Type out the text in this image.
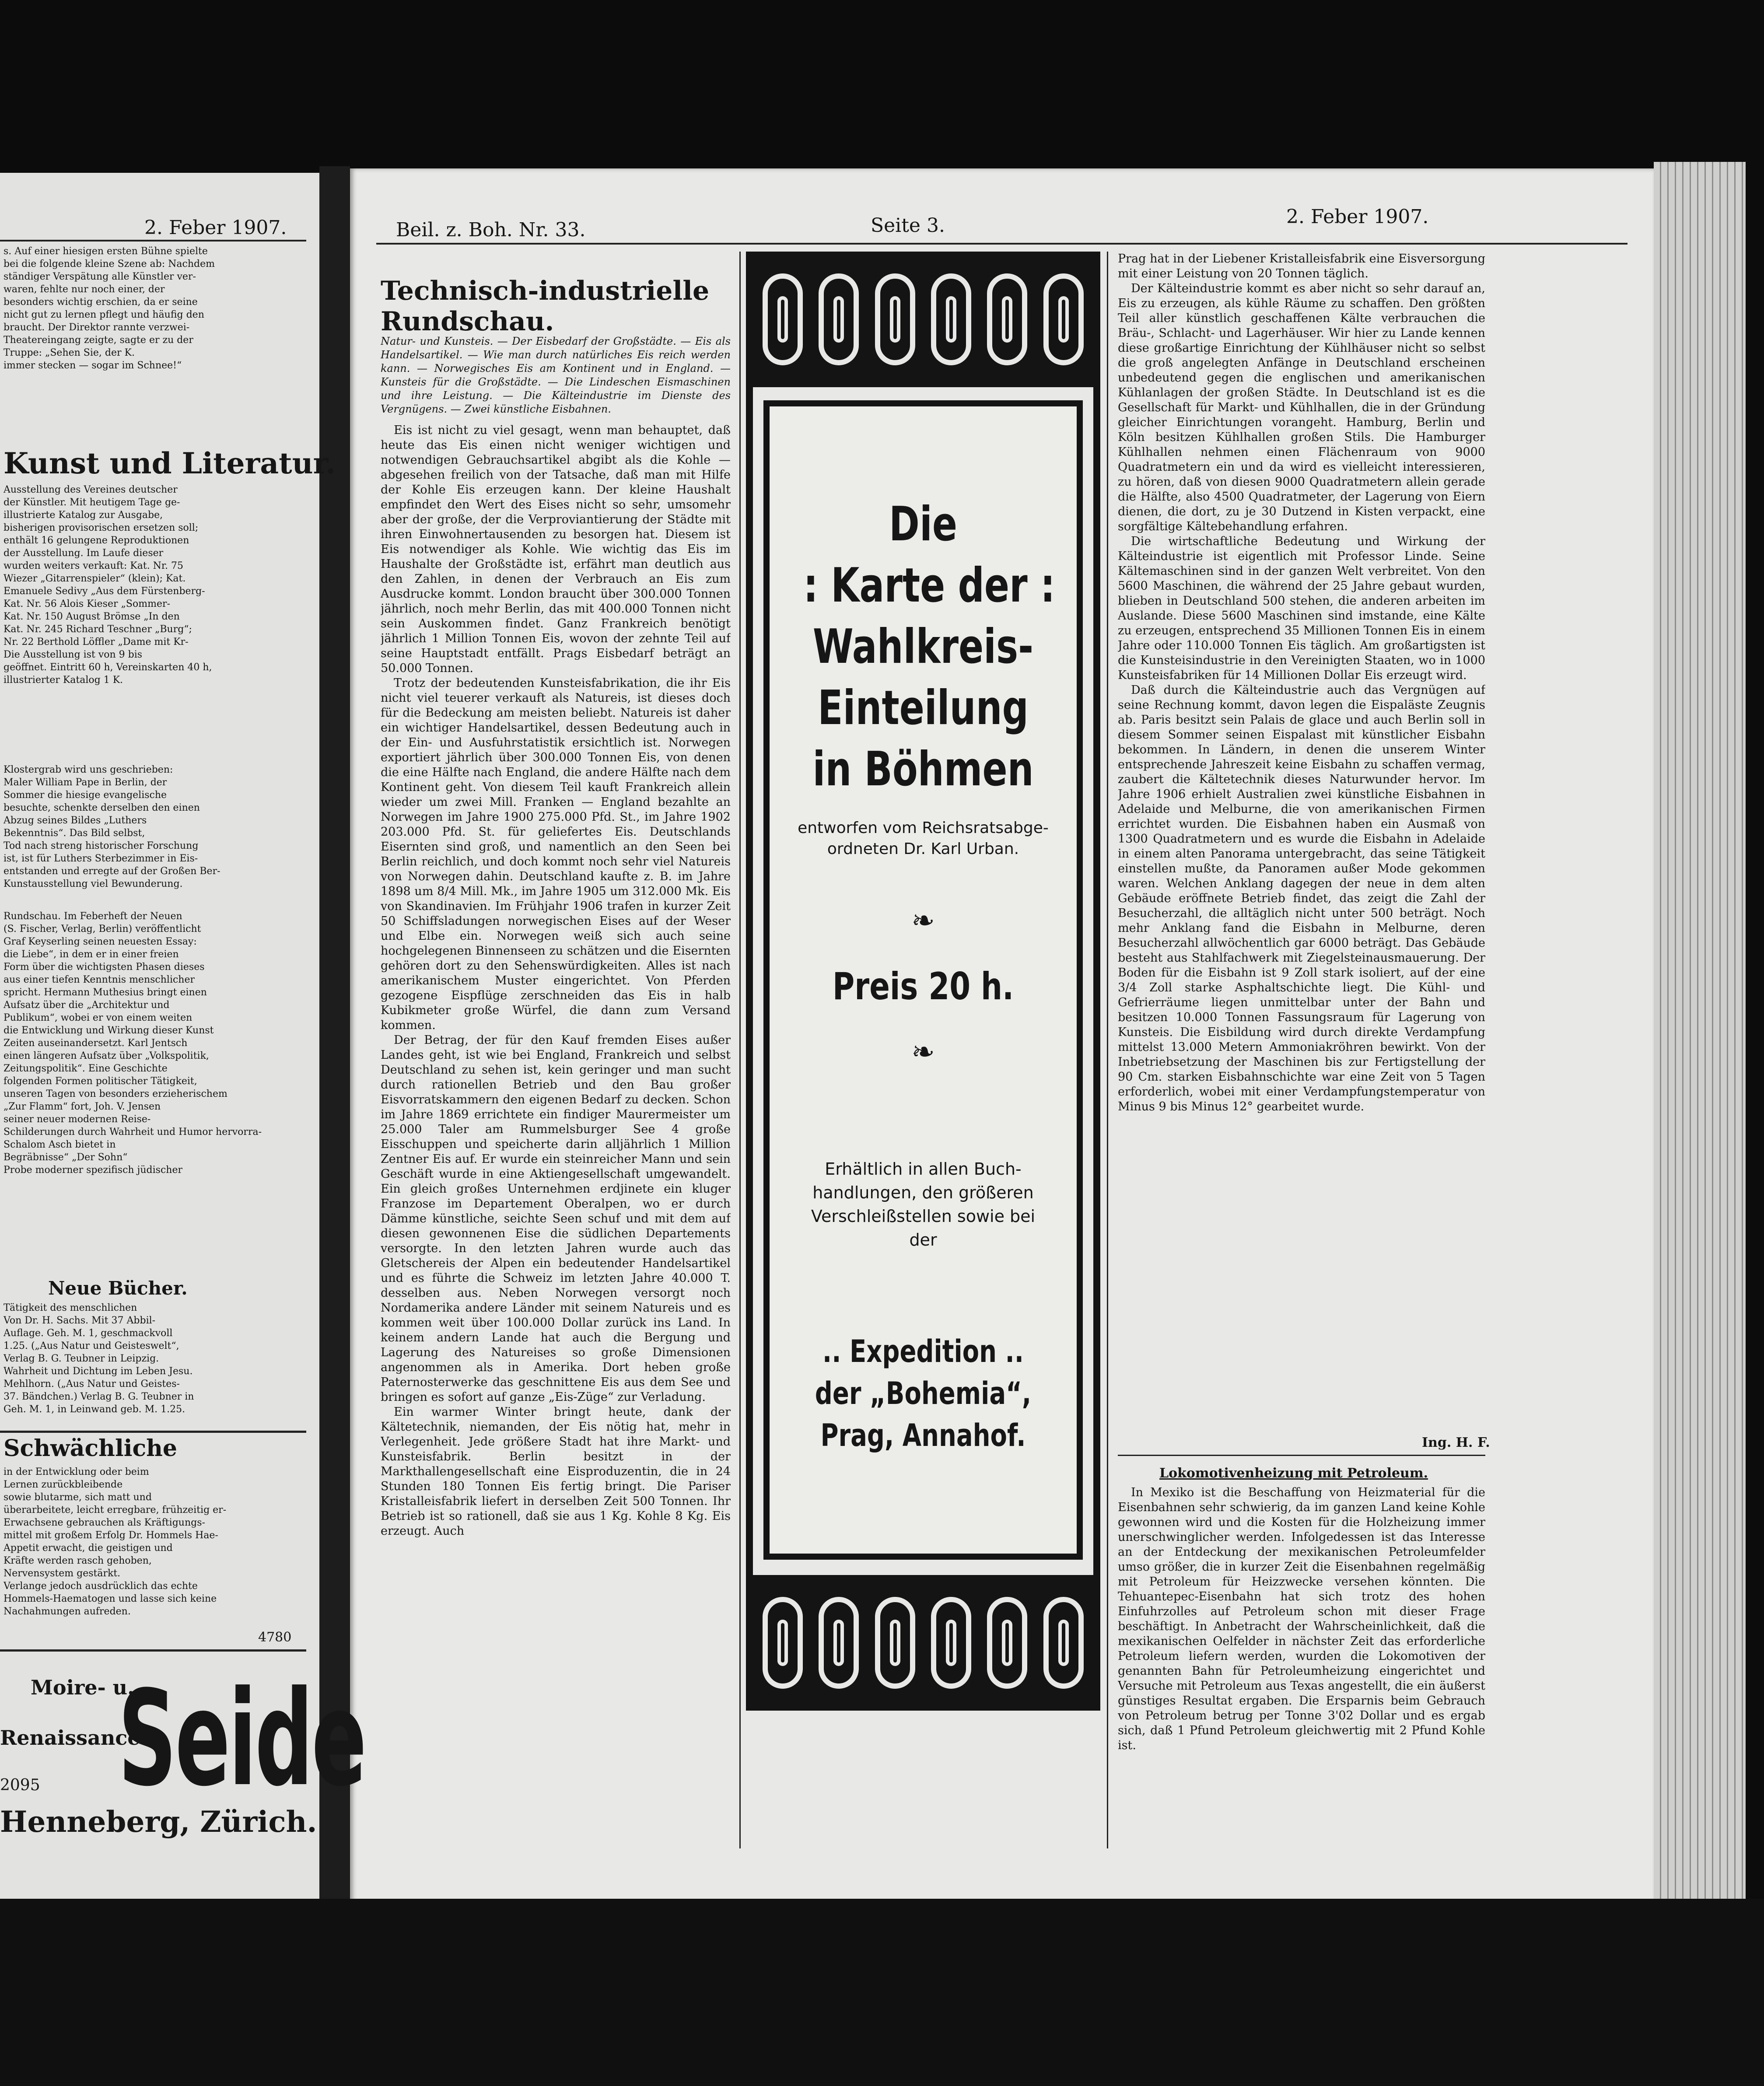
2. Feber 1907.

s. Auf einer hiesigen ersten Bühne spielte

bei die folgende kleine Szene ab: Nachdem

ständiger Verspätung alle Künstler ver-

waren, fehlte nur noch einer, der

besonders wichtig erschien, da er seine

nicht gut zu lernen pflegt und häufig den

braucht. Der Direktor rannte verzwei-

Theatereingang zeigte, sagte er zu der

Truppe: „Sehen Sie, der K.

immer stecken — sogar im Schnee!“

Kunst und Literatur.

Ausstellung des Vereines deutscher

der Künstler. Mit heutigem Tage ge-

illustrierte Katalog zur Ausgabe,

bisherigen provisorischen ersetzen soll;

enthält 16 gelungene Reproduktionen

der Ausstellung. Im Laufe dieser

wurden weiters verkauft: Kat. Nr. 75

Wiezer „Gitarrenspieler“ (klein); Kat.

Emanuele Sedivy „Aus dem Fürstenberg-

Kat. Nr. 56 Alois Kieser „Sommer-

Kat. Nr. 150 August Brömse „In den

Kat. Nr. 245 Richard Teschner „Burg“;

Nr. 22 Berthold Löffler „Dame mit Kr-

Die Ausstellung ist von 9 bis

geöffnet. Eintritt 60 h, Vereinskarten 40 h,

illustrierter Katalog 1 K.

Klostergrab wird uns geschrieben:

Maler William Pape in Berlin, der

Sommer die hiesige evangelische

besuchte, schenkte derselben den einen

Abzug seines Bildes „Luthers

Bekenntnis“. Das Bild selbst,

Tod nach streng historischer Forschung

ist, ist für Luthers Sterbezimmer in Eis-

entstanden und erregte auf der Großen Ber-

Kunstausstellung viel Bewunderung.

Rundschau. Im Feberheft der Neuen

(S. Fischer, Verlag, Berlin) veröffentlicht

Graf Keyserling seinen neuesten Essay:

die Liebe“, in dem er in einer freien

Form über die wichtigsten Phasen dieses

aus einer tiefen Kenntnis menschlicher

spricht. Hermann Muthesius bringt einen

Aufsatz über die „Architektur und

Publikum“, wobei er von einem weiten

die Entwicklung und Wirkung dieser Kunst

Zeiten auseinandersetzt. Karl Jentsch

einen längeren Aufsatz über „Volkspolitik,

Zeitungspolitik“. Eine Geschichte

folgenden Formen politischer Tätigkeit,

unseren Tagen von besonders erzieherischem

„Zur Flamm“ fort, Joh. V. Jensen

seiner neuer modernen Reise-

Schilderungen durch Wahrheit und Humor hervorra-

Schalom Asch bietet in

Begräbnisse“ „Der Sohn“

Probe moderner spezifisch jüdischer

Neue Bücher.

Tätigkeit des menschlichen

Von Dr. H. Sachs. Mit 37 Abbil-

Auflage. Geh. M. 1, geschmackvoll

1.25. („Aus Natur und Geisteswelt“,

Verlag B. G. Teubner in Leipzig.

Wahrheit und Dichtung im Leben Jesu.

Mehlhorn. („Aus Natur und Geistes-

37. Bändchen.) Verlag B. G. Teubner in

Geh. M. 1, in Leinwand geb. M. 1.25.

Schwächliche

in der Entwicklung oder beim

Lernen zurückbleibende

sowie blutarme, sich matt und

überarbeitete, leicht erregbare, frühzeitig er-

Erwachsene gebrauchen als Kräftigungs-

mittel mit großem Erfolg Dr. Hommels Hae-

Appetit erwacht, die geistigen und

Kräfte werden rasch gehoben,

Nervensystem gestärkt.

Verlange jedoch ausdrücklich das echte

Hommels-Haematogen und lasse sich keine

Nachahmungen aufreden.

4780
Moire- u.
Renaissance-
Seide
2095
Henneberg, Zürich.
Beil. z. Boh. Nr. 33.	Seite 3.	2. Feber 1907.
Technisch-industrielle Rundschau.

Natur- und Kunsteis. — Der Eisbedarf der Großstädte. — Eis als Handelsartikel. — Wie man durch natürliches Eis reich werden kann. — Norwegisches Eis am Kontinent und in England. — Kunsteis für die Großstädte. — Die Lindeschen Eismaschinen und ihre Leistung. — Die Kälteindustrie im Dienste des Vergnügens. — Zwei künstliche Eisbahnen.

Eis ist nicht zu viel gesagt, wenn man behauptet, daß heute das Eis einen nicht weniger wichtigen und notwendigen Gebrauchsartikel abgibt als die Kohle — abgesehen freilich von der Tatsache, daß man mit Hilfe der Kohle Eis erzeugen kann. Der kleine Haushalt empfindet den Wert des Eises nicht so sehr, umsomehr aber der große, der die Verproviantierung der Städte mit ihren Einwohnertausenden zu besorgen hat. Diesem ist Eis notwendiger als Kohle. Wie wichtig das Eis im Haushalte der Großstädte ist, erfährt man deutlich aus den Zahlen, in denen der Verbrauch an Eis zum Ausdrucke kommt. London braucht über 300.000 Tonnen jährlich, noch mehr Berlin, das mit 400.000 Tonnen nicht sein Auskommen findet. Ganz Frankreich benötigt jährlich 1 Million Tonnen Eis, wovon der zehnte Teil auf seine Hauptstadt entfällt. Prags Eisbedarf beträgt an 50.000 Tonnen.

Trotz der bedeutenden Kunsteisfabrikation, die ihr Eis nicht viel teuerer verkauft als Natureis, ist dieses doch für die Bedeckung am meisten beliebt. Natureis ist daher ein wichtiger Handelsartikel, dessen Bedeutung auch in der Ein- und Ausfuhrstatistik ersichtlich ist. Norwegen exportiert jährlich über 300.000 Tonnen Eis, von denen die eine Hälfte nach England, die andere Hälfte nach dem Kontinent geht. Von diesem Teil kauft Frankreich allein wieder um zwei Mill. Franken — England bezahlte an Norwegen im Jahre 1900 275.000 Pfd. St., im Jahre 1902 203.000 Pfd. St. für geliefertes Eis. Deutschlands Eisernten sind groß, und namentlich an den Seen bei Berlin reichlich, und doch kommt noch sehr viel Natureis von Norwegen dahin. Deutschland kaufte z. B. im Jahre 1898 um 8/4 Mill. Mk., im Jahre 1905 um 312.000 Mk. Eis von Skandinavien. Im Frühjahr 1906 trafen in kurzer Zeit 50 Schiffsladungen norwegischen Eises auf der Weser und Elbe ein. Norwegen weiß sich auch seine hochgelegenen Binnenseen zu schätzen und die Eisernten gehören dort zu den Sehenswürdigkeiten. Alles ist nach amerikanischem Muster eingerichtet. Von Pferden gezogene Eispflüge zerschneiden das Eis in halb Kubikmeter große Würfel, die dann zum Versand kommen.

Der Betrag, der für den Kauf fremden Eises außer Landes geht, ist wie bei England, Frankreich und selbst Deutschland zu sehen ist, kein geringer und man sucht durch rationellen Betrieb und den Bau großer Eisvorratskammern den eigenen Bedarf zu decken. Schon im Jahre 1869 errichtete ein findiger Maurermeister um 25.000 Taler am Rummelsburger See 4 große Eisschuppen und speicherte darin alljährlich 1 Million Zentner Eis auf. Er wurde ein steinreicher Mann und sein Geschäft wurde in eine Aktiengesellschaft umgewandelt. Ein gleich großes Unternehmen erdjinete ein kluger Franzose im Departement Oberalpen, wo er durch Dämme künstliche, seichte Seen schuf und mit dem auf diesen gewonnenen Eise die südlichen Departements versorgte. In den letzten Jahren wurde auch das Gletschereis der Alpen ein bedeutender Handelsartikel und es führte die Schweiz im letzten Jahre 40.000 T. desselben aus. Neben Norwegen versorgt noch Nordamerika andere Länder mit seinem Natureis und es kommen weit über 100.000 Dollar zurück ins Land. In keinem andern Lande hat auch die Bergung und Lagerung des Natureises so große Dimensionen angenommen als in Amerika. Dort heben große Paternosterwerke das geschnittene Eis aus dem See und bringen es sofort auf ganze „Eis-Züge“ zur Verladung.

Ein warmer Winter bringt heute, dank der Kältetechnik, niemanden, der Eis nötig hat, mehr in Verlegenheit. Jede größere Stadt hat ihre Markt- und Kunsteisfabrik. Berlin besitzt in der Markthallengesellschaft eine Eisproduzentin, die in 24 Stunden 180 Tonnen Eis fertig bringt. Die Pariser Kristalleisfabrik liefert in derselben Zeit 500 Tonnen. Ihr Betrieb ist so rationell, daß sie aus 1 Kg. Kohle 8 Kg. Eis erzeugt. Auch

Die
: Karte der :
Wahlkreis-
Einteilung
in Böhmen
entworfen vom Reichsratsabge-
ordneten Dr. Karl Urban.
❧
Preis 20 h.
❧
Erhältlich in allen Buch-
handlungen, den größeren
Verschleißstellen sowie bei
der
.. Expedition ..
der „Bohemia“,
Prag, Annahof.

Prag hat in der Liebener Kristalleisfabrik eine Eisversorgung mit einer Leistung von 20 Tonnen täglich.

Der Kälteindustrie kommt es aber nicht so sehr darauf an, Eis zu erzeugen, als kühle Räume zu schaffen. Den größten Teil aller künstlich geschaffenen Kälte verbrauchen die Bräu-, Schlacht- und Lagerhäuser. Wir hier zu Lande kennen diese großartige Einrichtung der Kühlhäuser nicht so selbst die groß angelegten Anfänge in Deutschland erscheinen unbedeutend gegen die englischen und amerikanischen Kühlanlagen der großen Städte. In Deutschland ist es die Gesellschaft für Markt- und Kühlhallen, die in der Gründung gleicher Einrichtungen vorangeht. Hamburg, Berlin und Köln besitzen Kühlhallen großen Stils. Die Hamburger Kühlhallen nehmen einen Flächenraum von 9000 Quadratmetern ein und da wird es vielleicht interessieren, zu hören, daß von diesen 9000 Quadratmetern allein gerade die Hälfte, also 4500 Quadratmeter, der Lagerung von Eiern dienen, die dort, zu je 30 Dutzend in Kisten verpackt, eine sorgfältige Kältebehandlung erfahren.

Die wirtschaftliche Bedeutung und Wirkung der Kälteindustrie ist eigentlich mit Professor Linde. Seine Kältemaschinen sind in der ganzen Welt verbreitet. Von den 5600 Maschinen, die während der 25 Jahre gebaut wurden, blieben in Deutschland 500 stehen, die anderen arbeiten im Auslande. Diese 5600 Maschinen sind imstande, eine Kälte zu erzeugen, entsprechend 35 Millionen Tonnen Eis in einem Jahre oder 110.000 Tonnen Eis täglich. Am großartigsten ist die Kunsteisindustrie in den Vereinigten Staaten, wo in 1000 Kunsteisfabriken für 14 Millionen Dollar Eis erzeugt wird.

Daß durch die Kälteindustrie auch das Vergnügen auf seine Rechnung kommt, davon legen die Eispaläste Zeugnis ab. Paris besitzt sein Palais de glace und auch Berlin soll in diesem Sommer seinen Eispalast mit künstlicher Eisbahn bekommen. In Ländern, in denen die unserem Winter entsprechende Jahreszeit keine Eisbahn zu schaffen vermag, zaubert die Kältetechnik dieses Naturwunder hervor. Im Jahre 1906 erhielt Australien zwei künstliche Eisbahnen in Adelaide und Melburne, die von amerikanischen Firmen errichtet wurden. Die Eisbahnen haben ein Ausmaß von 1300 Quadratmetern und es wurde die Eisbahn in Adelaide in einem alten Panorama untergebracht, das seine Tätigkeit einstellen mußte, da Panoramen außer Mode gekommen waren. Welchen Anklang dagegen der neue in dem alten Gebäude eröffnete Betrieb findet, das zeigt die Zahl der Besucherzahl, die alltäglich nicht unter 500 beträgt. Noch mehr Anklang fand die Eisbahn in Melburne, deren Besucherzahl allwöchentlich gar 6000 beträgt. Das Gebäude besteht aus Stahlfachwerk mit Ziegelsteinausmauerung. Der Boden für die Eisbahn ist 9 Zoll stark isoliert, auf der eine 3/4 Zoll starke Asphaltschichte liegt. Die Kühl- und Gefrierräume liegen unmittelbar unter der Bahn und besitzen 10.000 Tonnen Fassungsraum für Lagerung von Kunsteis. Die Eisbildung wird durch direkte Verdampfung mittelst 13.000 Metern Ammoniakröhren bewirkt. Von der Inbetriebsetzung der Maschinen bis zur Fertigstellung der 90 Cm. starken Eisbahnschichte war eine Zeit von 5 Tagen erforderlich, wobei mit einer Verdampfungstemperatur von Minus 9 bis Minus 12° gearbeitet wurde.

Ing. H. F.
Lokomotivenheizung mit Petroleum.

In Mexiko ist die Beschaffung von Heizmaterial für die Eisenbahnen sehr schwierig, da im ganzen Land keine Kohle gewonnen wird und die Kosten für die Holzheizung immer unerschwinglicher werden. Infolgedessen ist das Interesse an der Entdeckung der mexikanischen Petroleumfelder umso größer, die in kurzer Zeit die Eisenbahnen regelmäßig mit Petroleum für Heizzwecke versehen könnten. Die Tehuantepec-Eisenbahn hat sich trotz des hohen Einfuhrzolles auf Petroleum schon mit dieser Frage beschäftigt. In Anbetracht der Wahrscheinlichkeit, daß die mexikanischen Oelfelder in nächster Zeit das erforderliche Petroleum liefern werden, wurden die Lokomotiven der genannten Bahn für Petroleumheizung eingerichtet und Versuche mit Petroleum aus Texas angestellt, die ein äußerst günstiges Resultat ergaben. Die Ersparnis beim Gebrauch von Petroleum betrug per Tonne 3'02 Dollar und es ergab sich, daß 1 Pfund Petroleum gleichwertig mit 2 Pfund Kohle ist.
